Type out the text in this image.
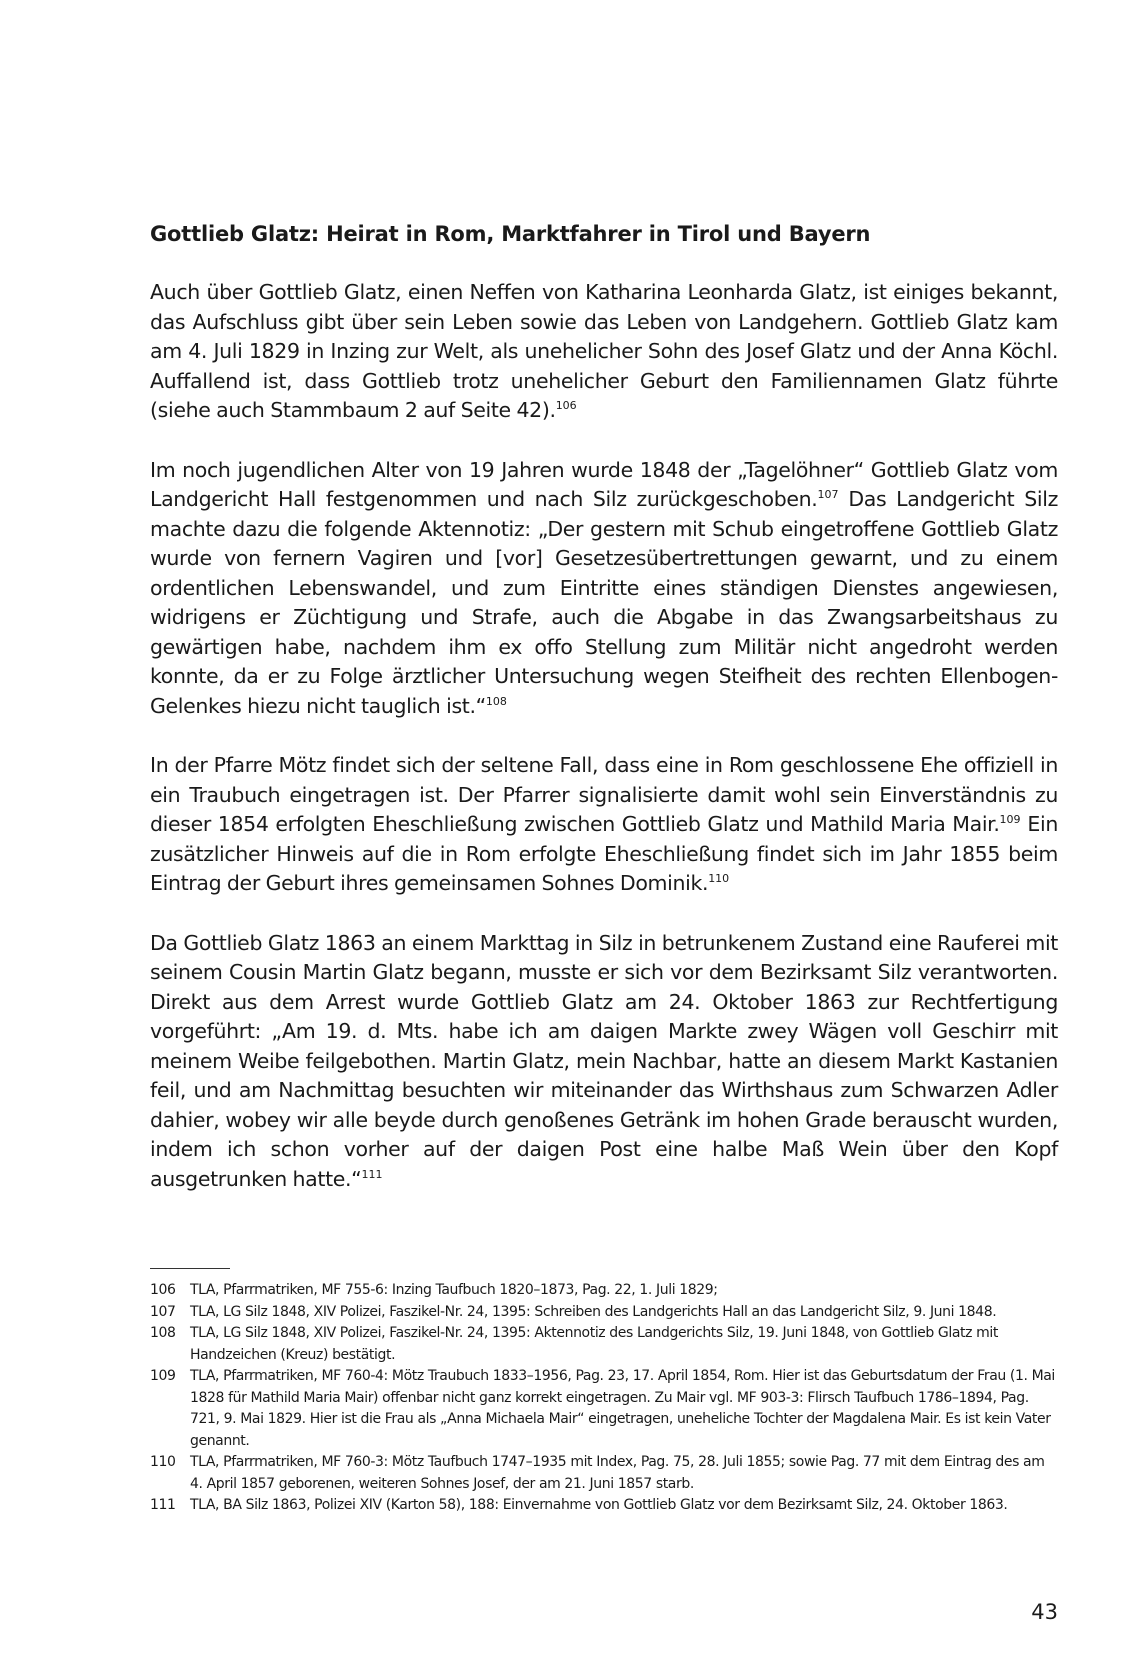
Gottlieb Glatz: Heirat in Rom, Marktfahrer in Tirol und Bayern

Auch über Gottlieb Glatz, einen Neffen von Katharina Leonharda Glatz, ist einiges bekannt, das Aufschluss gibt über sein Leben sowie das Leben von Landgehern. Gottlieb Glatz kam am 4. Juli 1829 in Inzing zur Welt, als unehelicher Sohn des Josef Glatz und der Anna Köchl. Auffallend ist, dass Gottlieb trotz unehelicher Geburt den Familiennamen Glatz führte (siehe auch Stammbaum 2 auf Seite 42).$^{106}$

Im noch jugendlichen Alter von 19 Jahren wurde 1848 der „Tagelöhner“ Gottlieb Glatz vom Landgericht Hall festgenommen und nach Silz zurückgeschoben.$^{107}$ Das Landgericht Silz machte dazu die folgende Aktennotiz: „Der gestern mit Schub eingetroffene Gottlieb Glatz wurde von fernern Vagiren und [vor] Gesetzesübertrettungen gewarnt, und zu einem ordentlichen Lebenswandel, und zum Eintritte eines ständigen Dienstes angewiesen, widrigens er Züchtigung und Strafe, auch die Abgabe in das Zwangsarbeitshaus zu gewärtigen habe, nachdem ihm ex offo Stellung zum Militär nicht angedroht werden konnte, da er zu Folge ärztlicher Untersuchung wegen Steifheit des rechten Ellenbogen-Gelenkes hiezu nicht tauglich ist.“$^{108}$

In der Pfarre Mötz findet sich der seltene Fall, dass eine in Rom geschlossene Ehe offiziell in ein Traubuch eingetragen ist. Der Pfarrer signalisierte damit wohl sein Einverständnis zu dieser 1854 erfolgten Eheschließung zwischen Gottlieb Glatz und Mathild Maria Mair.$^{109}$ Ein zusätzlicher Hinweis auf die in Rom erfolgte Eheschließung findet sich im Jahr 1855 beim Eintrag der Geburt ihres gemeinsamen Sohnes Dominik.$^{110}$

Da Gottlieb Glatz 1863 an einem Markttag in Silz in betrunkenem Zustand eine Rauferei mit seinem Cousin Martin Glatz begann, musste er sich vor dem Bezirksamt Silz verantworten. Direkt aus dem Arrest wurde Gottlieb Glatz am 24. Oktober 1863 zur Rechtfertigung vorgeführt: „Am 19. d. Mts. habe ich am daigen Markte zwey Wägen voll Geschirr mit meinem Weibe feilgebothen. Martin Glatz, mein Nachbar, hatte an diesem Markt Kastanien feil, und am Nachmittag besuchten wir miteinander das Wirthshaus zum Schwarzen Adler dahier, wobey wir alle beyde durch genoßenes Getränk im hohen Grade berauscht wurden, indem ich schon vorher auf der daigen Post eine halbe Maß Wein über den Kopf ausgetrunken hatte.“$^{111}$

106	TLA, Pfarrmatriken, MF 755-6: Inzing Taufbuch 1820–1873, Pag. 22, 1. Juli 1829;
107	TLA, LG Silz 1848, XIV Polizei, Faszikel-Nr. 24, 1395: Schreiben des Landgerichts Hall an das Landgericht Silz, 9. Juni 1848.
108	TLA, LG Silz 1848, XIV Polizei, Faszikel-Nr. 24, 1395: Aktennotiz des Landgerichts Silz, 19. Juni 1848, von Gottlieb Glatz mit Handzeichen (Kreuz) bestätigt.
109	TLA, Pfarrmatriken, MF 760-4: Mötz Traubuch 1833–1956, Pag. 23, 17. April 1854, Rom. Hier ist das Geburtsdatum der Frau (1. Mai 1828 für Mathild Maria Mair) offenbar nicht ganz korrekt eingetragen. Zu Mair vgl. MF 903-3: Flirsch Taufbuch 1786–1894, Pag. 721, 9. Mai 1829. Hier ist die Frau als „Anna Michaela Mair“ eingetragen, uneheliche Tochter der Magdalena Mair. Es ist kein Vater genannt.
110	TLA, Pfarrmatriken, MF 760-3: Mötz Taufbuch 1747–1935 mit Index, Pag. 75, 28. Juli 1855; sowie Pag. 77 mit dem Eintrag des am 4. April 1857 geborenen, weiteren Sohnes Josef, der am 21. Juni 1857 starb.
111	TLA, BA Silz 1863, Polizei XIV (Karton 58), 188: Einvernahme von Gottlieb Glatz vor dem Bezirksamt Silz, 24. Oktober 1863.
43
